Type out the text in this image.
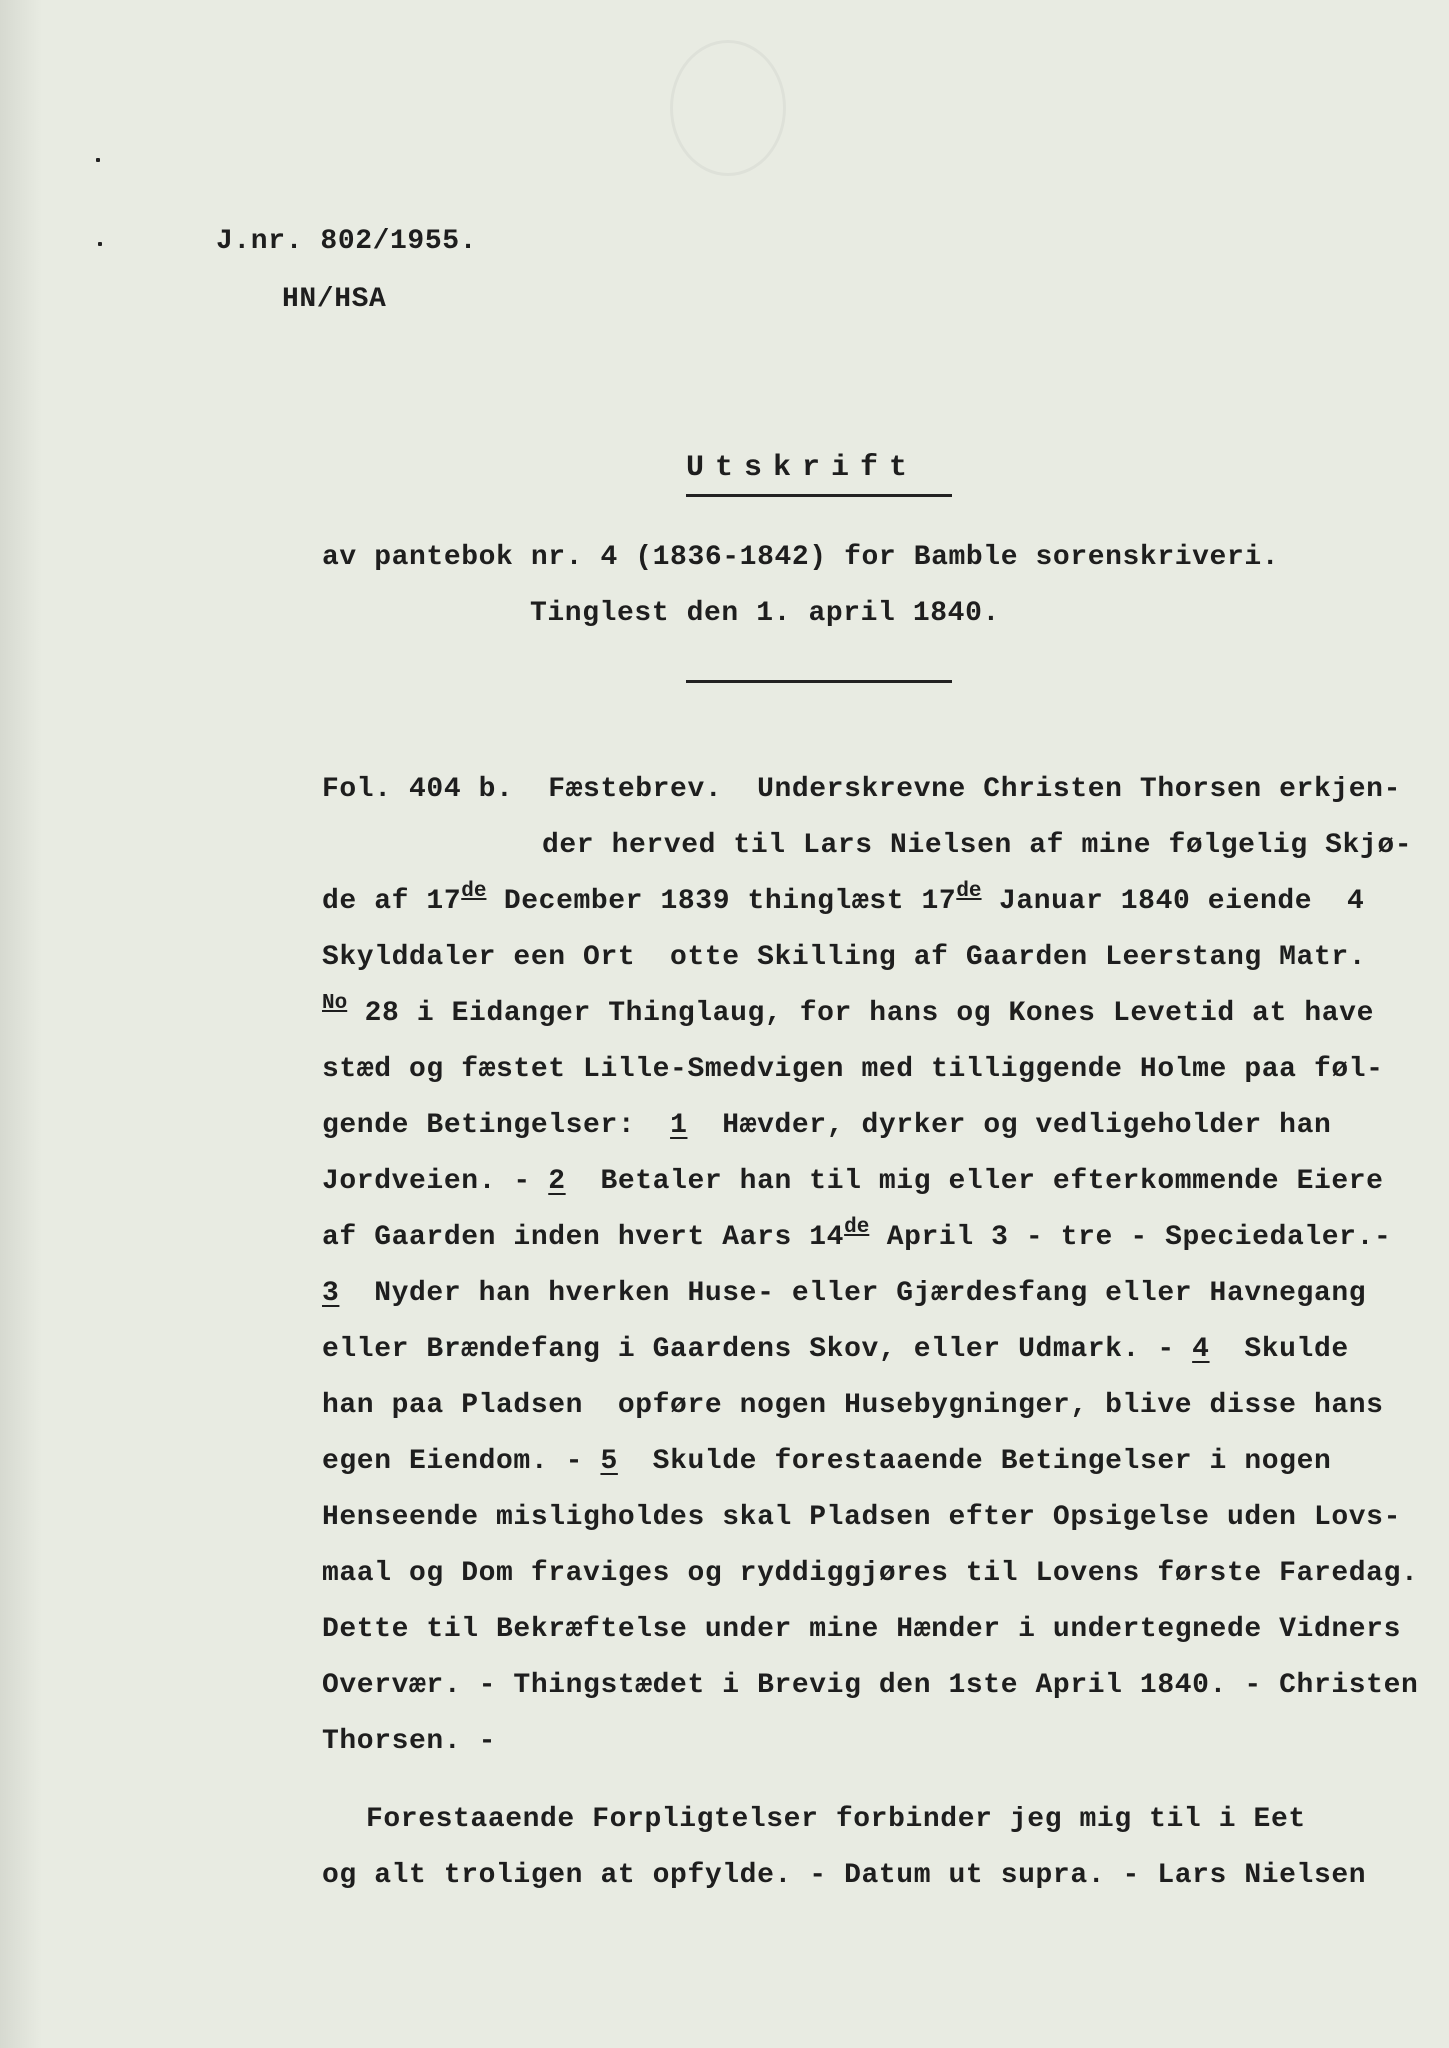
J.nr. 802/1955.
HN/HSA
Utskrift
av pantebok nr. 4 (1836-1842) for Bamble sorenskriveri.
Tinglest den 1. april 1840.
Fol. 404 b.  Fæstebrev.  Underskrevne Christen Thorsen erkjen-
der herved til Lars Nielsen af mine følgelig Skjø-
de af 17de December 1839 thinglæst 17de Januar 1840 eiende  4
Skylddaler een Ort  otte Skilling af Gaarden Leerstang Matr.
$^{No}$ 28 i Eidanger Thinglaug, for hans og Kones Levetid at have
stæd og fæstet Lille-Smedvigen med tilliggende Holme paa føl-
gende Betingelser:  1  Hævder, dyrker og vedligeholder han
Jordveien. - 2  Betaler han til mig eller efterkommende Eiere
af Gaarden inden hvert Aars 14de April 3 - tre - Speciedaler.-
3  Nyder han hverken Huse- eller Gjærdesfang eller Havnegang
eller Brændefang i Gaardens Skov, eller Udmark. - 4  Skulde
han paa Pladsen  opføre nogen Husebygninger, blive disse hans
egen Eiendom. - 5  Skulde forestaaende Betingelser i nogen
Henseende misligholdes skal Pladsen efter Opsigelse uden Lovs-
maal og Dom fraviges og ryddiggjøres til Lovens første Faredag.
Dette til Bekræftelse under mine Hænder i undertegnede Vidners
Overvær. - Thingstædet i Brevig den 1ste April 1840. - Christen
Thorsen. -
Forestaaende Forpligtelser forbinder jeg mig til i Eet
og alt troligen at opfylde. - Datum ut supra. - Lars Nielsen
